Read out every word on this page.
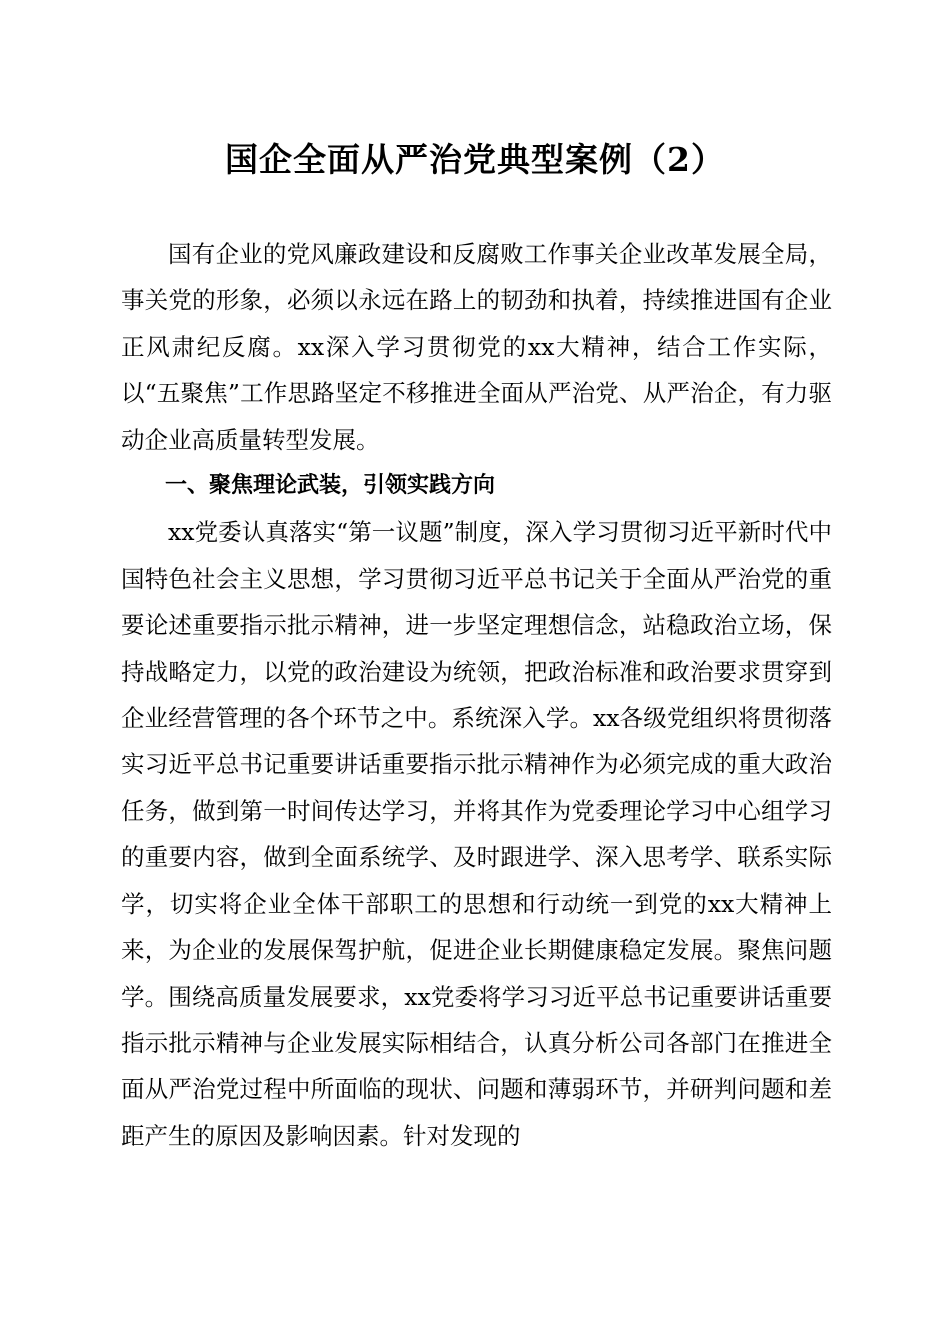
国企全面从严治党典型案例（2）

国有企业的党风廉政建设和反腐败工作事关企业改革发展全局，事关党的形象，必须以永远在路上的韧劲和执着，持续推进国有企业正风肃纪反腐。xx深入学习贯彻党的xx大精神，结合工作实际，以“五聚焦”工作思路坚定不移推进全面从严治党、从严治企，有力驱动企业高质量转型发展。

一、聚焦理论武装，引领实践方向

xx党委认真落实“第一议题”制度，深入学习贯彻习近平新时代中国特色社会主义思想，学习贯彻习近平总书记关于全面从严治党的重要论述重要指示批示精神，进一步坚定理想信念，站稳政治立场，保持战略定力，以党的政治建设为统领，把政治标准和政治要求贯穿到企业经营管理的各个环节之中。系统深入学。xx各级党组织将贯彻落实习近平总书记重要讲话重要指示批示精神作为必须完成的重大政治任务，做到第一时间传达学习，并将其作为党委理论学习中心组学习的重要内容，做到全面系统学、及时跟进学、深入思考学、联系实际学，切实将企业全体干部职工的思想和行动统一到党的xx大精神上来，为企业的发展保驾护航，促进企业长期健康稳定发展。聚焦问题学。围绕高质量发展要求，xx党委将学习习近平总书记重要讲话重要指示批示精神与企业发展实际相结合，认真分析公司各部门在推进全面从严治党过程中所面临的现状、问题和薄弱环节，并研判问题和差距产生的原因及影响因素。针对发现的
